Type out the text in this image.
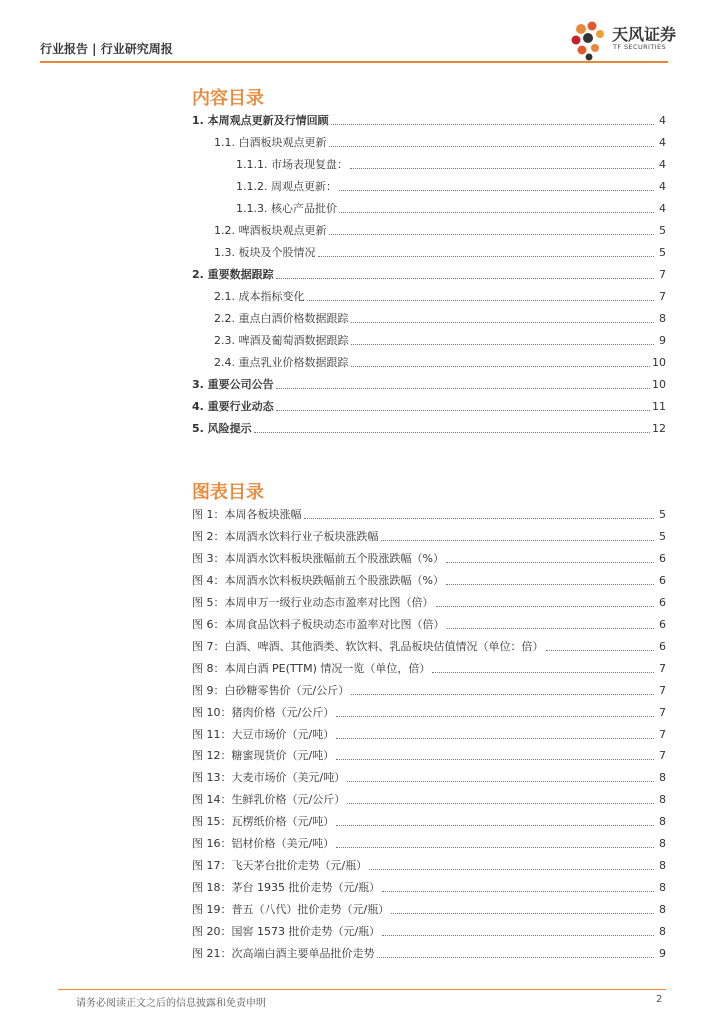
行业报告 | 行业研究周报
天风证券
TF SECURITIES
内容目录
1. 本周观点更新及行情回顾	4
1.1. 白酒板块观点更新	4
1.1.1. 市场表现复盘：	4
1.1.2. 周观点更新：	4
1.1.3. 核心产品批价	4
1.2. 啤酒板块观点更新	5
1.3. 板块及个股情况	5
2. 重要数据跟踪	7
2.1. 成本指标变化	7
2.2. 重点白酒价格数据跟踪	8
2.3. 啤酒及葡萄酒数据跟踪	9
2.4. 重点乳业价格数据跟踪	10
3. 重要公司公告	10
4. 重要行业动态	11
5. 风险提示	12
图表目录
图 1：本周各板块涨幅	5
图 2：本周酒水饮料行业子板块涨跌幅	5
图 3：本周酒水饮料板块涨幅前五个股涨跌幅（%）	6
图 4：本周酒水饮料板块跌幅前五个股涨跌幅（%）	6
图 5：本周申万一级行业动态市盈率对比图（倍）	6
图 6：本周食品饮料子板块动态市盈率对比图（倍）	6
图 7：白酒、啤酒、其他酒类、软饮料、乳品板块估值情况（单位：倍）	6
图 8：本周白酒 PE(TTM) 情况一览（单位，倍）	7
图 9：白砂糖零售价（元/公斤）	7
图 10：猪肉价格（元/公斤）	7
图 11：大豆市场价（元/吨）	7
图 12：糖蜜现货价（元/吨）	7
图 13：大麦市场价（美元/吨）	8
图 14：生鲜乳价格（元/公斤）	8
图 15：瓦楞纸价格（元/吨）	8
图 16：铝材价格（美元/吨）	8
图 17：飞天茅台批价走势（元/瓶）	8
图 18：茅台 1935 批价走势（元/瓶）	8
图 19：普五（八代）批价走势（元/瓶）	8
图 20：国窖 1573 批价走势（元/瓶）	8
图 21：次高端白酒主要单品批价走势	9
请务必阅读正文之后的信息披露和免责申明	2
